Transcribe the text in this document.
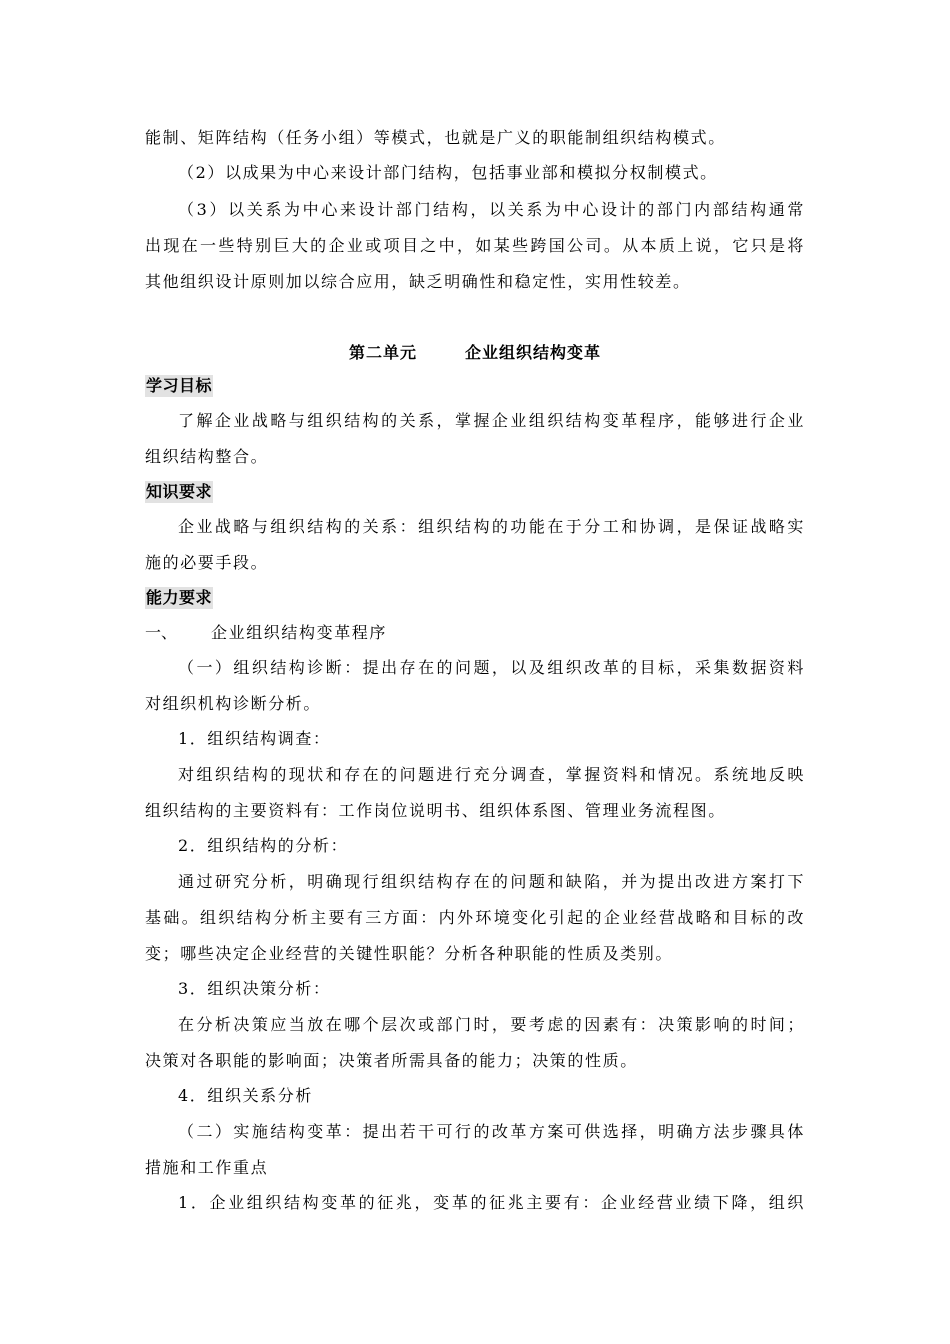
能制、矩阵结构（任务小组）等模式，也就是广义的职能制组织结构模式。
（2）以成果为中心来设计部门结构，包括事业部和模拟分权制模式。
（3）以关系为中心来设计部门结构，以关系为中心设计的部门内部结构通常
出现在一些特别巨大的企业或项目之中，如某些跨国公司。从本质上说，它只是将
其他组织设计原则加以综合应用，缺乏明确性和稳定性，实用性较差。
第二单元	企业组织结构变革
学习目标
了解企业战略与组织结构的关系，掌握企业组织结构变革程序，能够进行企业
组织结构整合。
知识要求
企业战略与组织结构的关系：组织结构的功能在于分工和协调，是保证战略实
施的必要手段。
能力要求
一、 企业组织结构变革程序
（一）组织结构诊断：提出存在的问题，以及组织改革的目标，采集数据资料
对组织机构诊断分析。
1．组织结构调查：
对组织结构的现状和存在的问题进行充分调查，掌握资料和情况。系统地反映
组织结构的主要资料有：工作岗位说明书、组织体系图、管理业务流程图。
2．组织结构的分析：
通过研究分析，明确现行组织结构存在的问题和缺陷，并为提出改进方案打下
基础。组织结构分析主要有三方面：内外环境变化引起的企业经营战略和目标的改
变；哪些决定企业经营的关键性职能？分析各种职能的性质及类别。
3．组织决策分析：
在分析决策应当放在哪个层次或部门时，要考虑的因素有：决策影响的时间；
决策对各职能的影响面；决策者所需具备的能力；决策的性质。
4．组织关系分析
（二）实施结构变革：提出若干可行的改革方案可供选择，明确方法步骤具体
措施和工作重点
1．企业组织结构变革的征兆，变革的征兆主要有：企业经营业绩下降，组织
